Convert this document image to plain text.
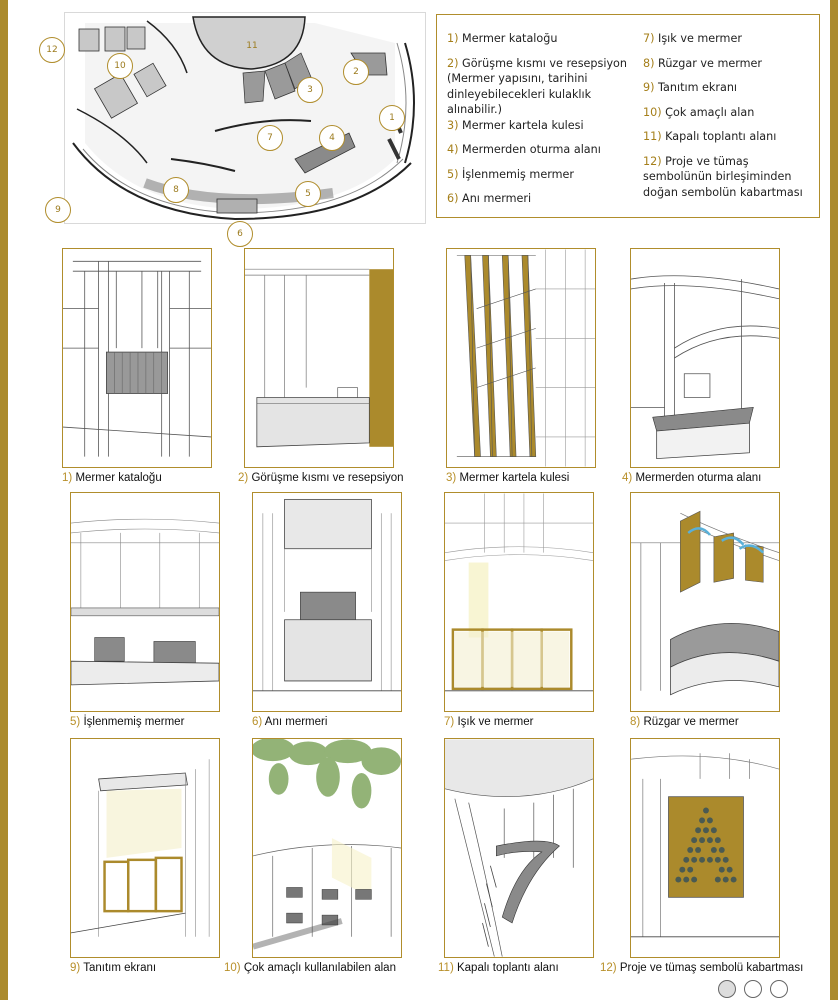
12	11
10
9
8
7
6
5
4
3
2
1
1) Mermer kataloğu
2) Görüşme kısmı ve resepsiyon (Mermer yapısını, tarihini dinleyebilecekleri kulaklık alınabilir.)
3) Mermer kartela kulesi
4) Mermerden oturma alanı
5) İşlenmemiş mermer
6) Anı mermeri
7) Işık ve mermer
8) Rüzgar ve mermer
9) Tanıtım ekranı
10) Çok amaçlı alan
11) Kapalı toplantı alanı
12) Proje ve tümaş sembolünün birleşiminden doğan sembolün kabartması
1) Mermer kataloğu	2) Görüşme kısmı ve resepsiyon	3) Mermer kartela kulesi	4) Mermerden oturma alanı
5) İşlenmemiş mermer	6) Anı mermeri	7) Işık ve mermer	8) Rüzgar ve mermer
9) Tanıtım ekranı	10) Çok amaçlı kullanılabilen alan	11) Kapalı toplantı alanı	12) Proje ve tümaş sembolü kabartması
